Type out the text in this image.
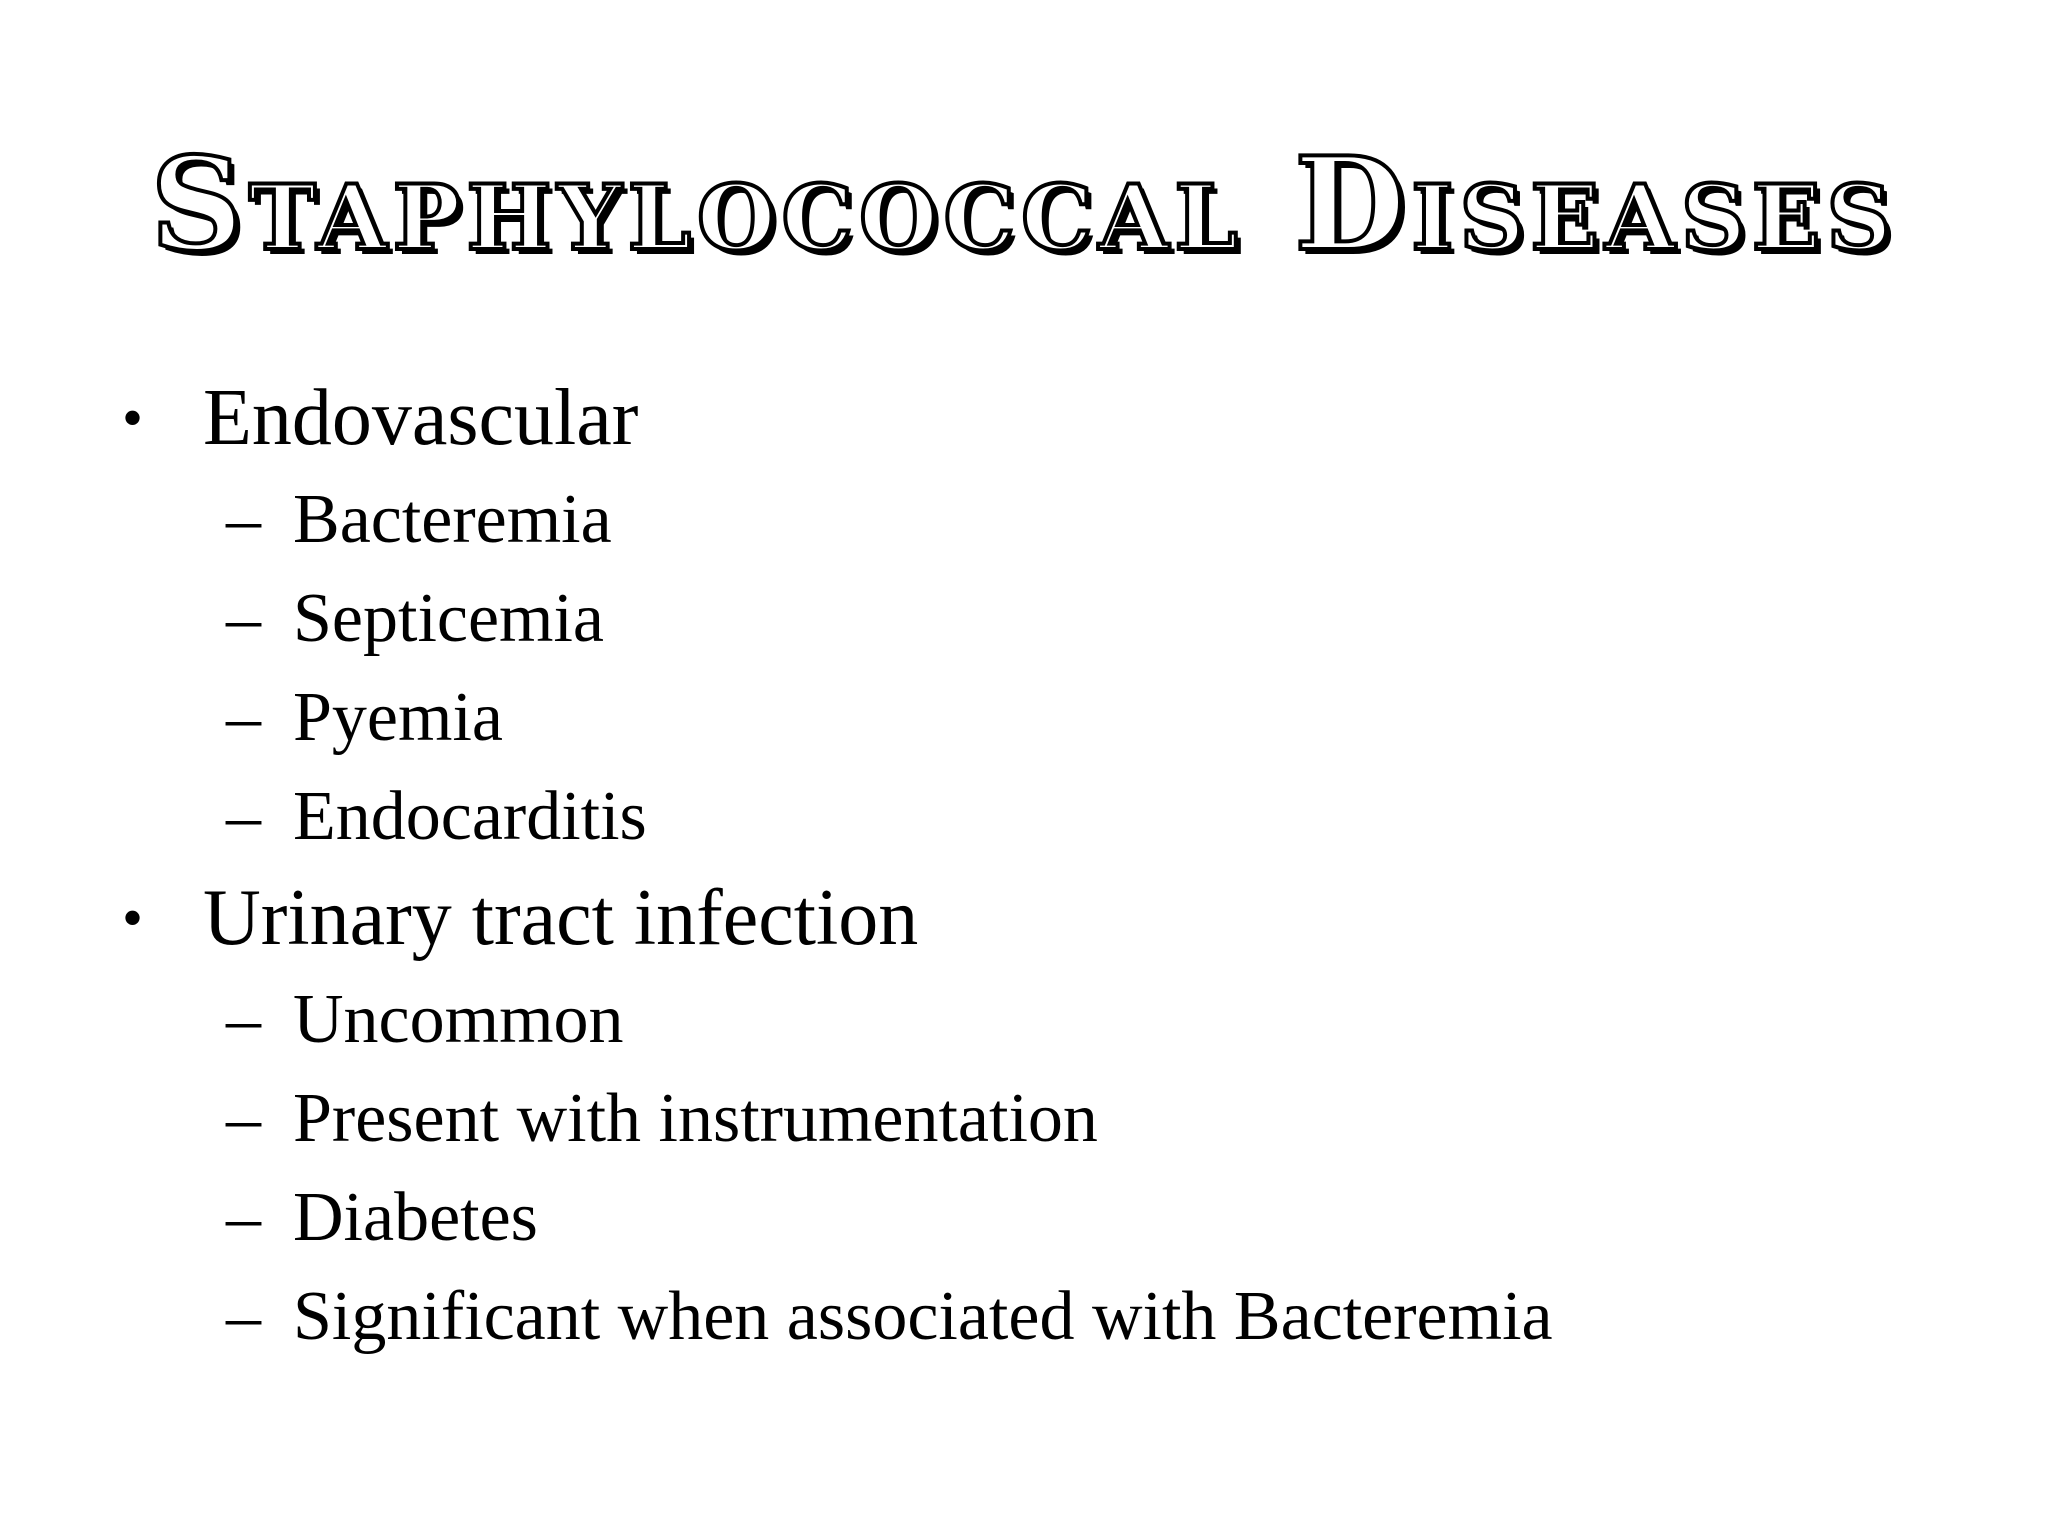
Staphylococcal Diseases
• Endovascular
– Bacteremia
– Septicemia
– Pyemia
– Endocarditis
• Urinary tract infection
– Uncommon
– Present with instrumentation
– Diabetes
– Significant when associated with Bacteremia
